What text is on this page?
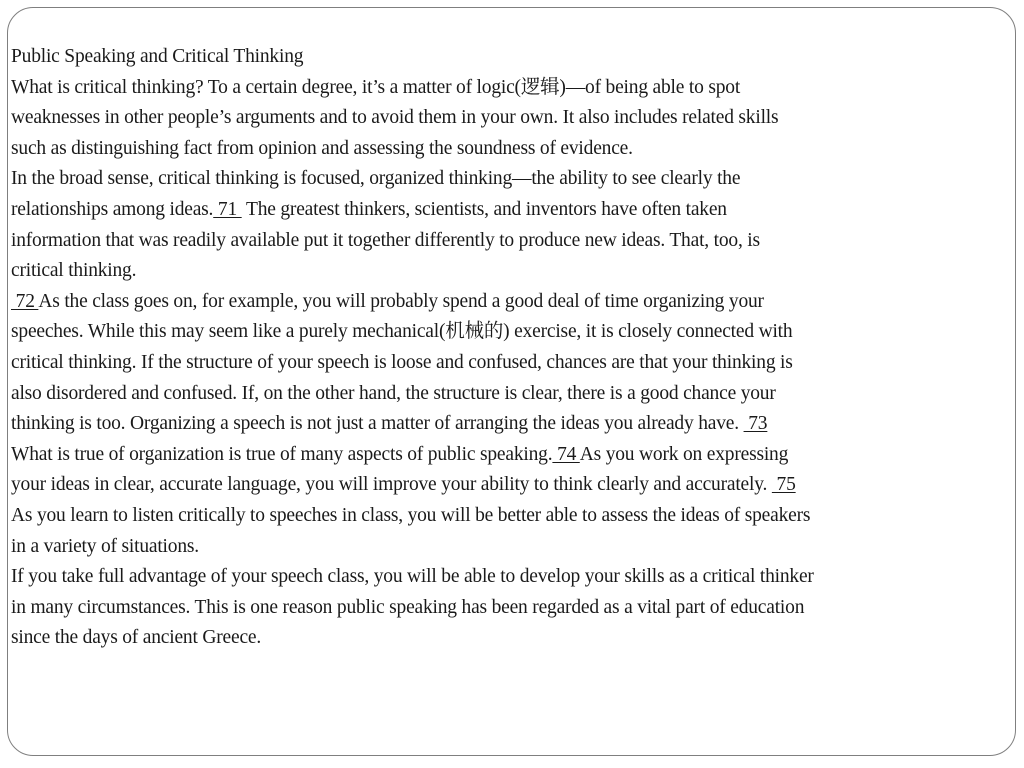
Public Speaking and Critical Thinking
What is critical thinking? To a certain degree, it’s a matter of logic(逻辑)—of being able to spot
weaknesses in other people’s arguments and to avoid them in your own. It also includes related skills
such as distinguishing fact from opinion and assessing the soundness of evidence.
In the broad sense, critical thinking is focused, organized thinking—the ability to see clearly the
relationships among ideas. 71  The greatest thinkers, scientists, and inventors have often taken
information that was readily available put it together differently to produce new ideas. That, too, is
critical thinking.
72 As the class goes on, for example, you will probably spend a good deal of time organizing your
speeches. While this may seem like a purely mechanical(机械的) exercise, it is closely connected with
critical thinking. If the structure of your speech is loose and confused, chances are that your thinking is
also disordered and confused. If, on the other hand, the structure is clear, there is a good chance your
thinking is too. Organizing a speech is not just a matter of arranging the ideas you already have.  73
What is true of organization is true of many aspects of public speaking. 74 As you work on expressing
your ideas in clear, accurate language, you will improve your ability to think clearly and accurately.  75
As you learn to listen critically to speeches in class, you will be better able to assess the ideas of speakers
in a variety of situations.
If you take full advantage of your speech class, you will be able to develop your skills as a critical thinker
in many circumstances. This is one reason public speaking has been regarded as a vital part of education
since the days of ancient Greece.
